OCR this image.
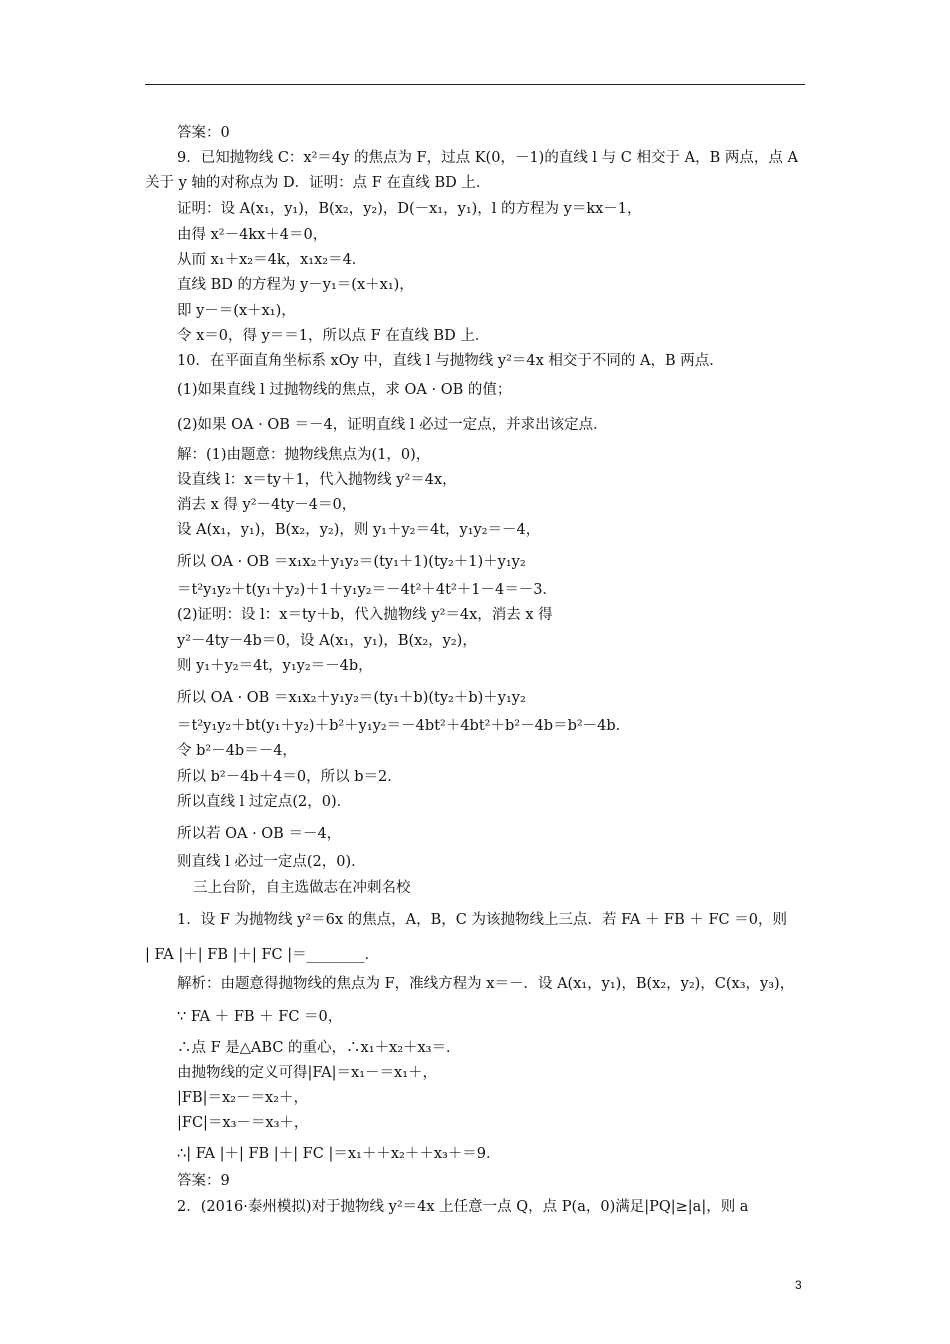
答案：0
9．已知抛物线 C：x²＝4y 的焦点为 F，过点 K(0，－1)的直线 l 与 C 相交于 A，B 两点，点 A
关于 y 轴的对称点为 D．证明：点 F 在直线 BD 上．
证明：设 A(x₁，y₁)，B(x₂，y₂)，D(－x₁，y₁)，l 的方程为 y＝kx－1，
由得 x²－4kx＋4＝0，
从而 x₁＋x₂＝4k，x₁x₂＝4．
直线 BD 的方程为 y－y₁＝(x＋x₁)，
即 y－＝(x＋x₁)，
令 x＝0，得 y＝＝1，所以点 F 在直线 BD 上．
10．在平面直角坐标系 xOy 中，直线 l 与抛物线 y²＝4x 相交于不同的 A，B 两点．
(1)如果直线 l 过抛物线的焦点，求 OA · OB 的值；
(2)如果 OA · OB ＝－4，证明直线 l 必过一定点，并求出该定点．
解：(1)由题意：抛物线焦点为(1，0)，
设直线 l：x＝ty＋1，代入抛物线 y²＝4x，
消去 x 得 y²－4ty－4＝0，
设 A(x₁，y₁)，B(x₂，y₂)，则 y₁＋y₂＝4t，y₁y₂＝－4，
所以 OA · OB ＝x₁x₂＋y₁y₂＝(ty₁＋1)(ty₂＋1)＋y₁y₂
＝t²y₁y₂＋t(y₁＋y₂)＋1＋y₁y₂＝－4t²＋4t²＋1－4＝－3．
(2)证明：设 l：x＝ty＋b，代入抛物线 y²＝4x，消去 x 得
y²－4ty－4b＝0，设 A(x₁，y₁)，B(x₂，y₂)，
则 y₁＋y₂＝4t，y₁y₂＝－4b，
所以 OA · OB ＝x₁x₂＋y₁y₂＝(ty₁＋b)(ty₂＋b)＋y₁y₂
＝t²y₁y₂＋bt(y₁＋y₂)＋b²＋y₁y₂＝－4bt²＋4bt²＋b²－4b＝b²－4b．
令 b²－4b＝－4，
所以 b²－4b＋4＝0，所以 b＝2．
所以直线 l 过定点(2，0)．
所以若 OA · OB ＝－4，
则直线 l 必过一定点(2，0)．
三上台阶，自主选做志在冲刺名校
1．设 F 为抛物线 y²＝6x 的焦点，A，B，C 为该抛物线上三点．若 FA ＋ FB ＋ FC ＝0，则
| FA |＋| FB |＋| FC |＝________．
解析：由题意得抛物线的焦点为 F，准线方程为 x＝－．设 A(x₁，y₁)，B(x₂，y₂)，C(x₃，y₃)，
∵ FA ＋ FB ＋ FC ＝0，
∴点 F 是△ABC 的重心，∴x₁＋x₂＋x₃＝．
由抛物线的定义可得|FA|＝x₁－＝x₁＋，
|FB|＝x₂－＝x₂＋，
|FC|＝x₃－＝x₃＋，
∴| FA |＋| FB |＋| FC |＝x₁＋＋x₂＋＋x₃＋＝9．
答案：9
2．(2016·泰州模拟)对于抛物线 y²＝4x 上任意一点 Q，点 P(a，0)满足|PQ|≥|a|，则 a
3
